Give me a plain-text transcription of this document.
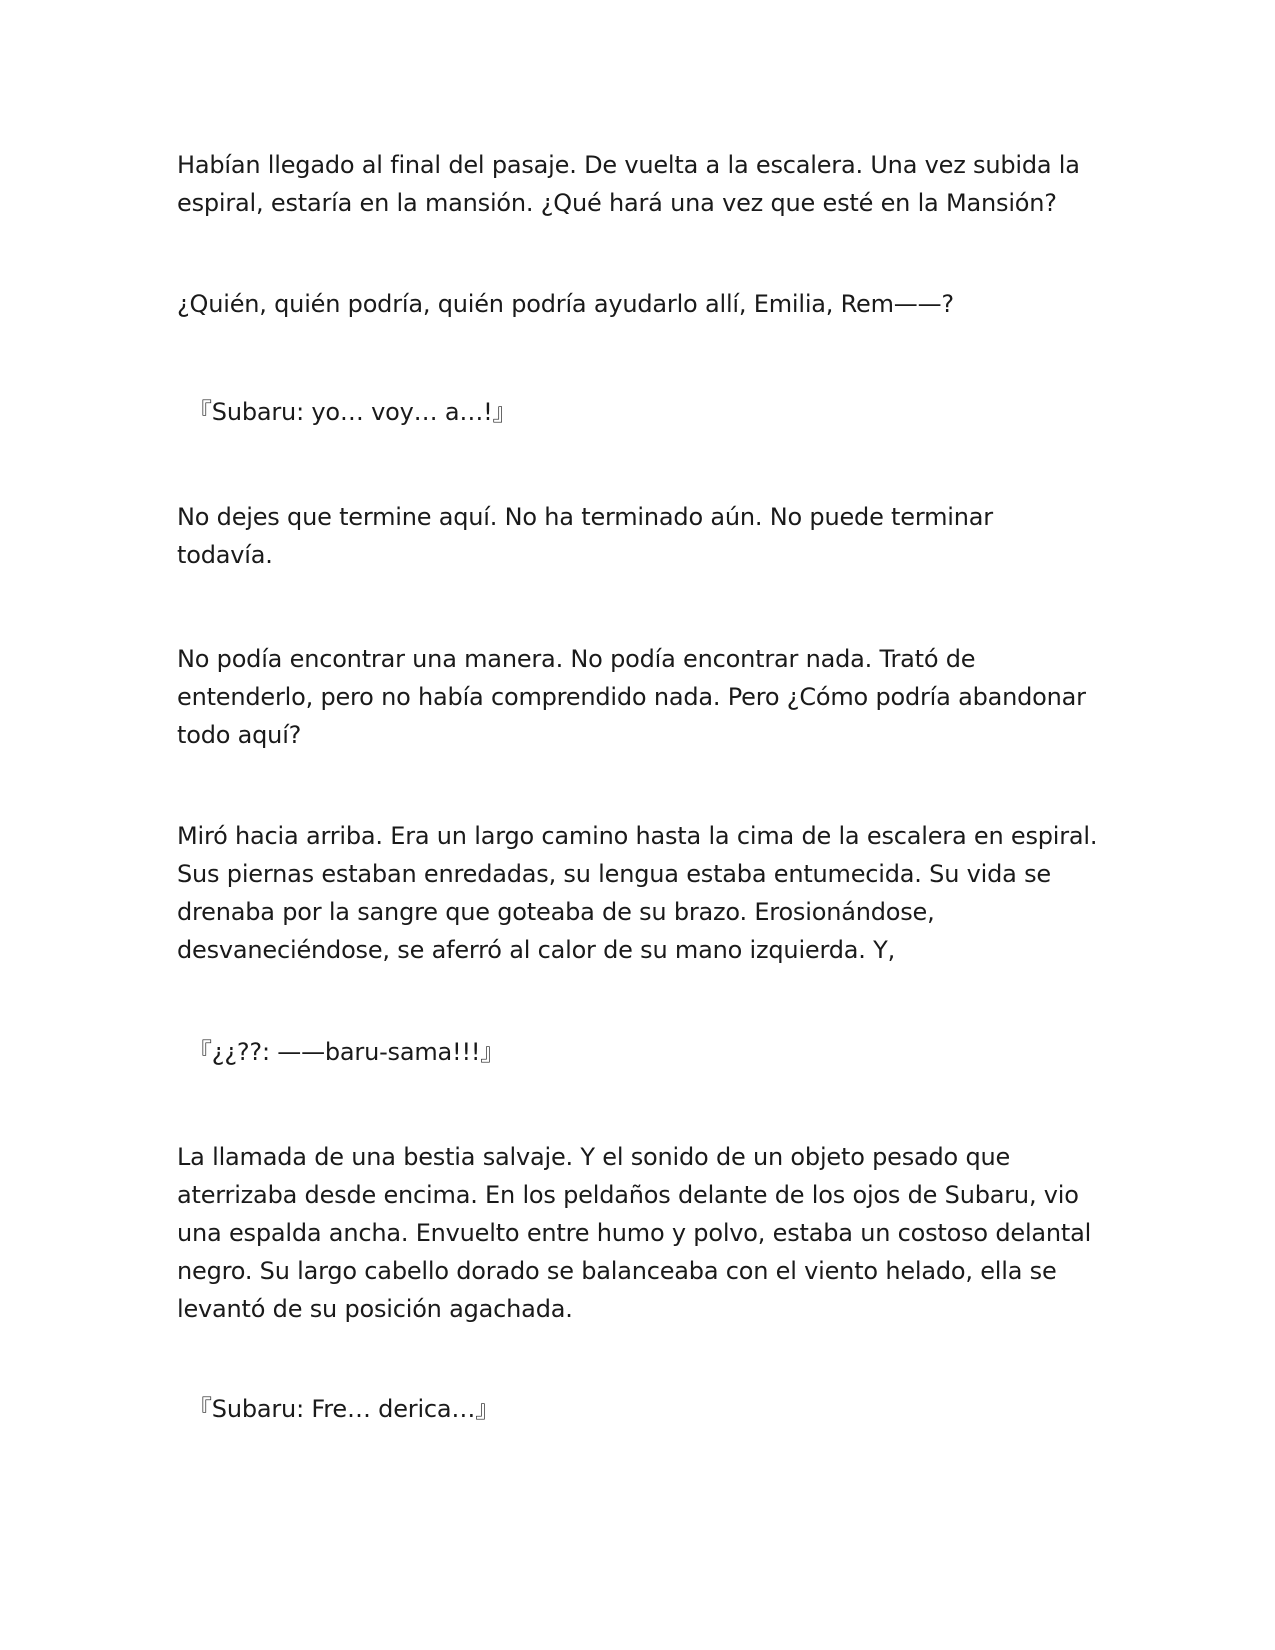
Habían llegado al final del pasaje. De vuelta a la escalera. Una vez subida la
espiral, estaría en la mansión. ¿Qué hará una vez que esté en la Mansión?

¿Quién, quién podría, quién podría ayudarlo allí, Emilia, Rem——?

『Subaru: yo… voy… a…!』

No dejes que termine aquí. No ha terminado aún. No puede terminar
todavía.

No podía encontrar una manera. No podía encontrar nada. Trató de
entenderlo, pero no había comprendido nada. Pero ¿Cómo podría abandonar
todo aquí?

Miró hacia arriba. Era un largo camino hasta la cima de la escalera en espiral.
Sus piernas estaban enredadas, su lengua estaba entumecida. Su vida se
drenaba por la sangre que goteaba de su brazo. Erosionándose,
desvaneciéndose, se aferró al calor de su mano izquierda. Y,

『¿¿??: ——baru-sama!!!』

La llamada de una bestia salvaje. Y el sonido de un objeto pesado que
aterrizaba desde encima. En los peldaños delante de los ojos de Subaru, vio
una espalda ancha. Envuelto entre humo y polvo, estaba un costoso delantal
negro. Su largo cabello dorado se balanceaba con el viento helado, ella se
levantó de su posición agachada.

『Subaru: Fre… derica…』
